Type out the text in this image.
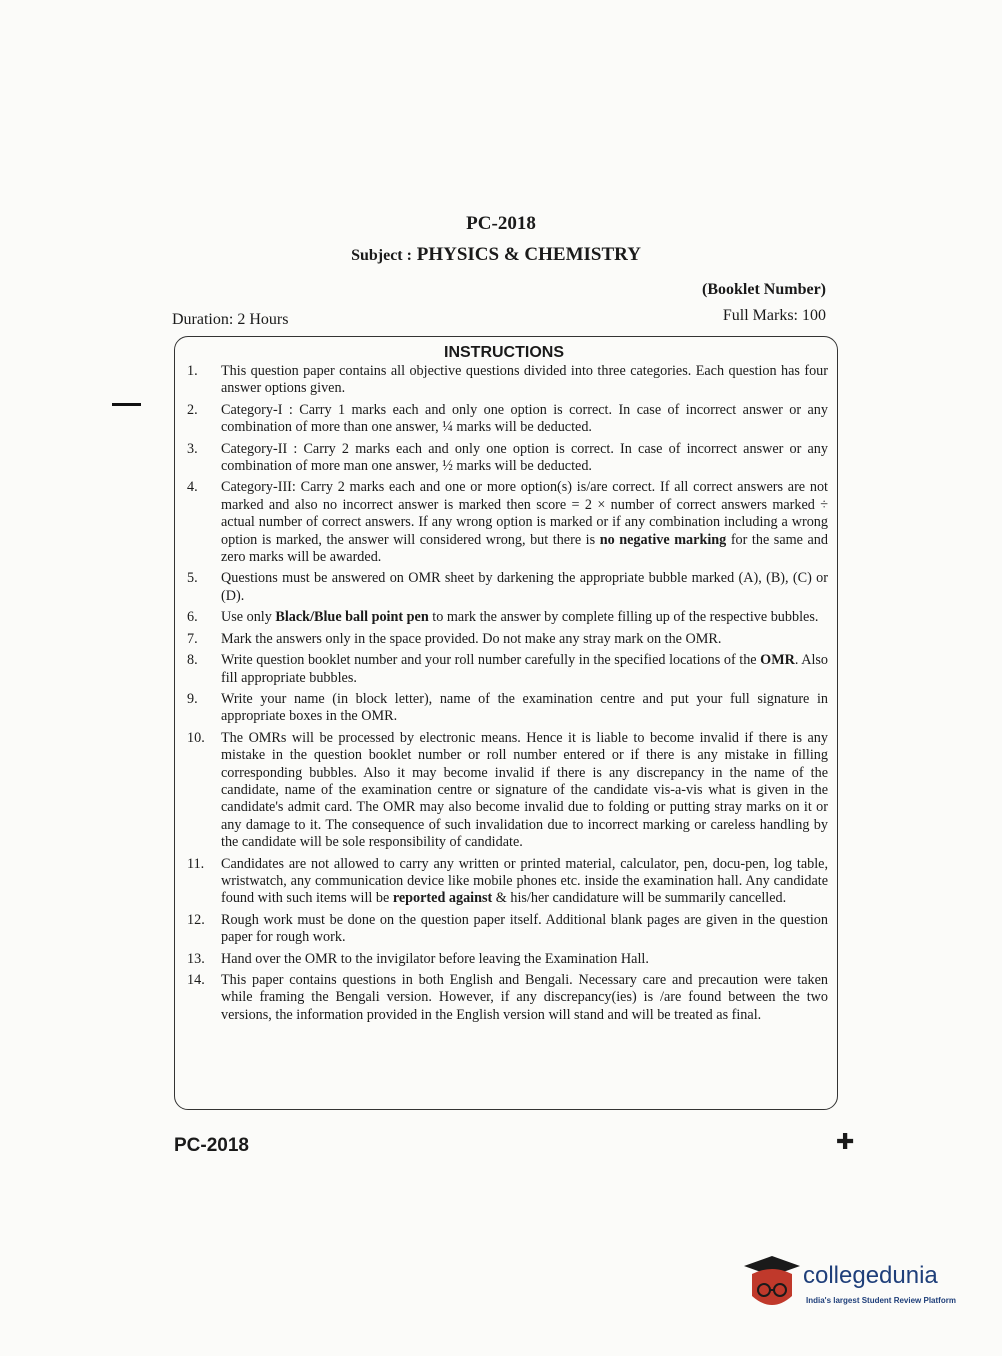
PC-2018
Subject : PHYSICS & CHEMISTRY
(Booklet Number)
Duration: 2 Hours	Full Marks: 100
INSTRUCTIONS
1.	This question paper contains all objective questions divided into three categories. Each question has four answer options given.
2.	Category-I : Carry 1 marks each and only one option is correct. In case of incorrect answer or any combination of more than one answer, ¼ marks will be deducted.
3.	Category-II : Carry 2 marks each and only one option is correct. In case of incorrect answer or any combination of more man one answer, ½ marks will be deducted.
4.	Category-III: Carry 2 marks each and one or more option(s) is/are correct. If all correct answers are not marked and also no incorrect answer is marked then score = 2 × number of correct answers marked ÷ actual number of correct answers. If any wrong option is marked or if any combination including a wrong option is marked, the answer will considered wrong, but there is no negative marking for the same and zero marks will be awarded.
5.	Questions must be answered on OMR sheet by darkening the appropriate bubble marked (A), (B), (C) or (D).
6.	Use only Black/Blue ball point pen to mark the answer by complete filling up of the respective bubbles.
7.	Mark the answers only in the space provided. Do not make any stray mark on the OMR.
8.	Write question booklet number and your roll number carefully in the specified locations of the OMR. Also fill appropriate bubbles.
9.	Write your name (in block letter), name of the examination centre and put your full signature in appropriate boxes in the OMR.
10.	The OMRs will be processed by electronic means. Hence it is liable to become invalid if there is any mistake in the question booklet number or roll number entered or if there is any mistake in filling corresponding bubbles. Also it may become invalid if there is any discrepancy in the name of the candidate, name of the examination centre or signature of the candidate vis-a-vis what is given in the candidate's admit card. The OMR may also become invalid due to folding or putting stray marks on it or any damage to it. The consequence of such invalidation due to incorrect marking or careless handling by the candidate will be sole responsibility of candidate.
11.	Candidates are not allowed to carry any written or printed material, calculator, pen, docu-pen, log table, wristwatch, any communication device like mobile phones etc. inside the examination hall. Any candidate found with such items will be reported against & his/her candidature will be summarily cancelled.
12.	Rough work must be done on the question paper itself. Additional blank pages are given in the question paper for rough work.
13.	Hand over the OMR to the invigilator before leaving the Examination Hall.
14.	This paper contains questions in both English and Bengali. Necessary care and precaution were taken while framing the Bengali version. However, if any discrepancy(ies) is /are found between the two versions, the information provided in the English version will stand and will be treated as final.
PC-2018	✚
collegedunia
India's largest Student Review Platform
